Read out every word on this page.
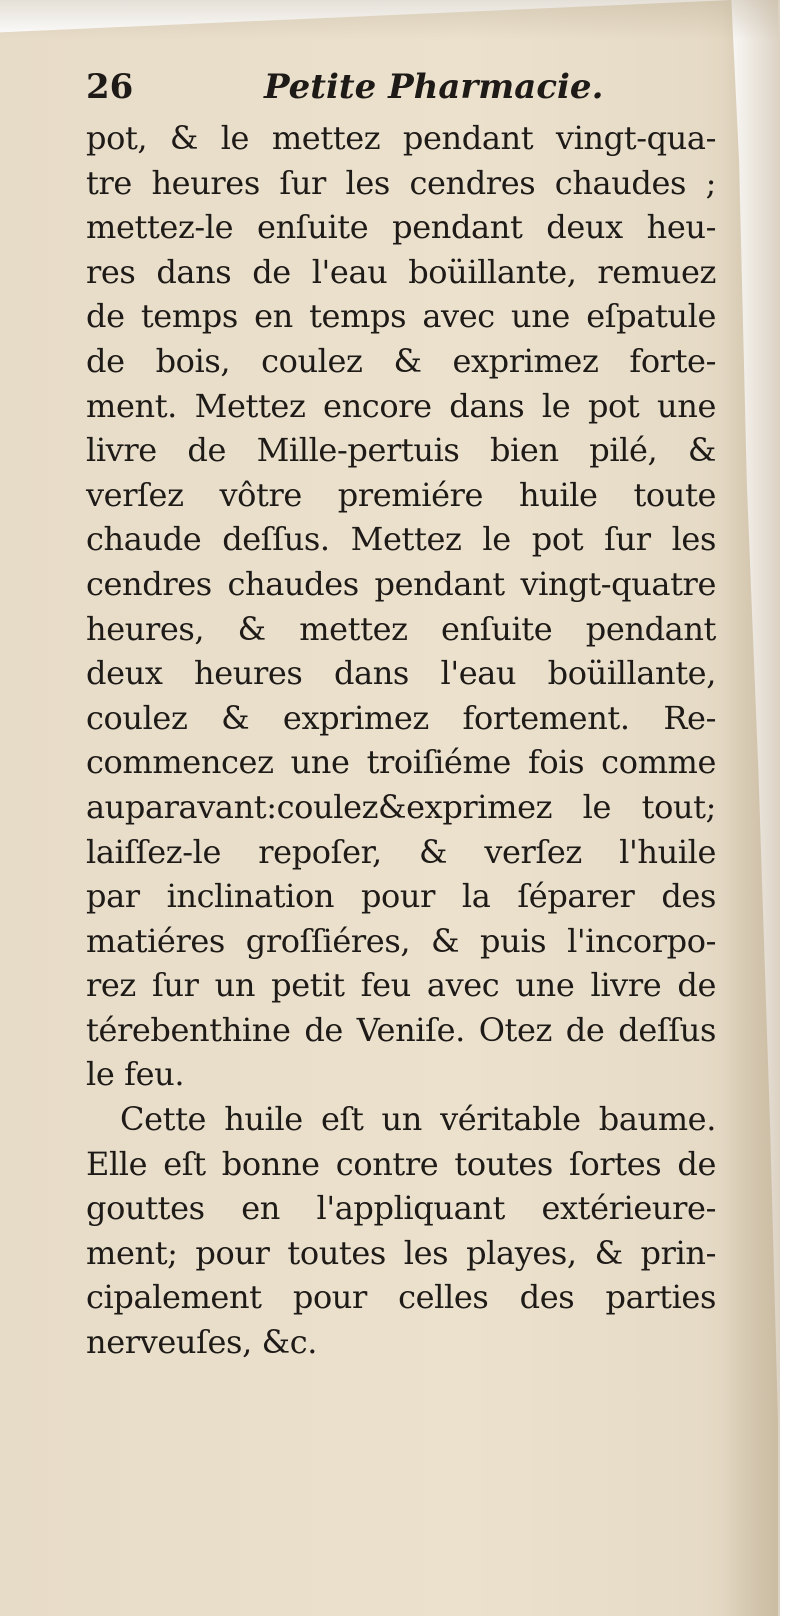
26	Petite Pharmacie.
pot, & le mettez pendant vingt-qua-
tre heures ſur les cendres chaudes ;
mettez-le enſuite pendant deux heu-
res dans de l'eau boüillante, remuez
de temps en temps avec une eſpatule
de bois, coulez & exprimez forte-
ment. Mettez encore dans le pot une
livre de Mille-pertuis bien pilé, &
verſez vôtre premiére huile toute
chaude deſſus. Mettez le pot ſur les
cendres chaudes pendant vingt-quatre
heures, & mettez enſuite pendant
deux heures dans l'eau boüillante,
coulez & exprimez fortement. Re-
commencez une troiſiéme fois comme
auparavant:coulez&exprimez le tout;
laiſſez-le repoſer, & verſez l'huile
par inclination pour la ſéparer des
matiéres groſſiéres, & puis l'incorpo-
rez ſur un petit feu avec une livre de
térebenthine de Veniſe. Otez de deſſus
le feu.
Cette huile eſt un véritable baume.
Elle eſt bonne contre toutes ſortes de
gouttes en l'appliquant extérieure-
ment; pour toutes les playes, & prin-
cipalement pour celles des parties
nerveuſes, &c.
